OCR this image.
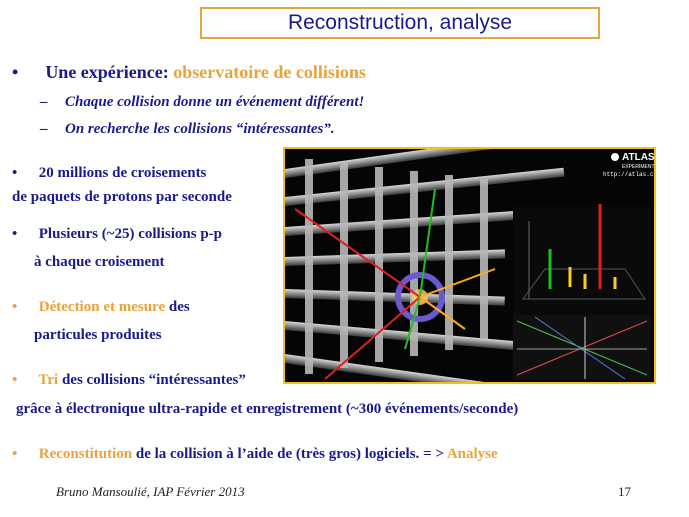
Reconstruction, analyse
• Une expérience: observatoire de collisions
– Chaque collision donne un événement différent!
– On recherche les collisions “intéressantes”.
• 20 millions de croisements
de paquets de protons par seconde
• Plusieurs (~25) collisions p-p
à chaque croisement
• Détection et mesure des
particules produites
• Tri des collisions “intéressantes”
grâce à électronique ultra-rapide et enregistrement (~300 événements/seconde)
• Reconstitution de la collision à l’aide de (très gros) logiciels. = > Analyse
Bruno Mansoulié, IAP Février 2013	17
ATLAS
EXPERIMENT
http://atlas.ch
